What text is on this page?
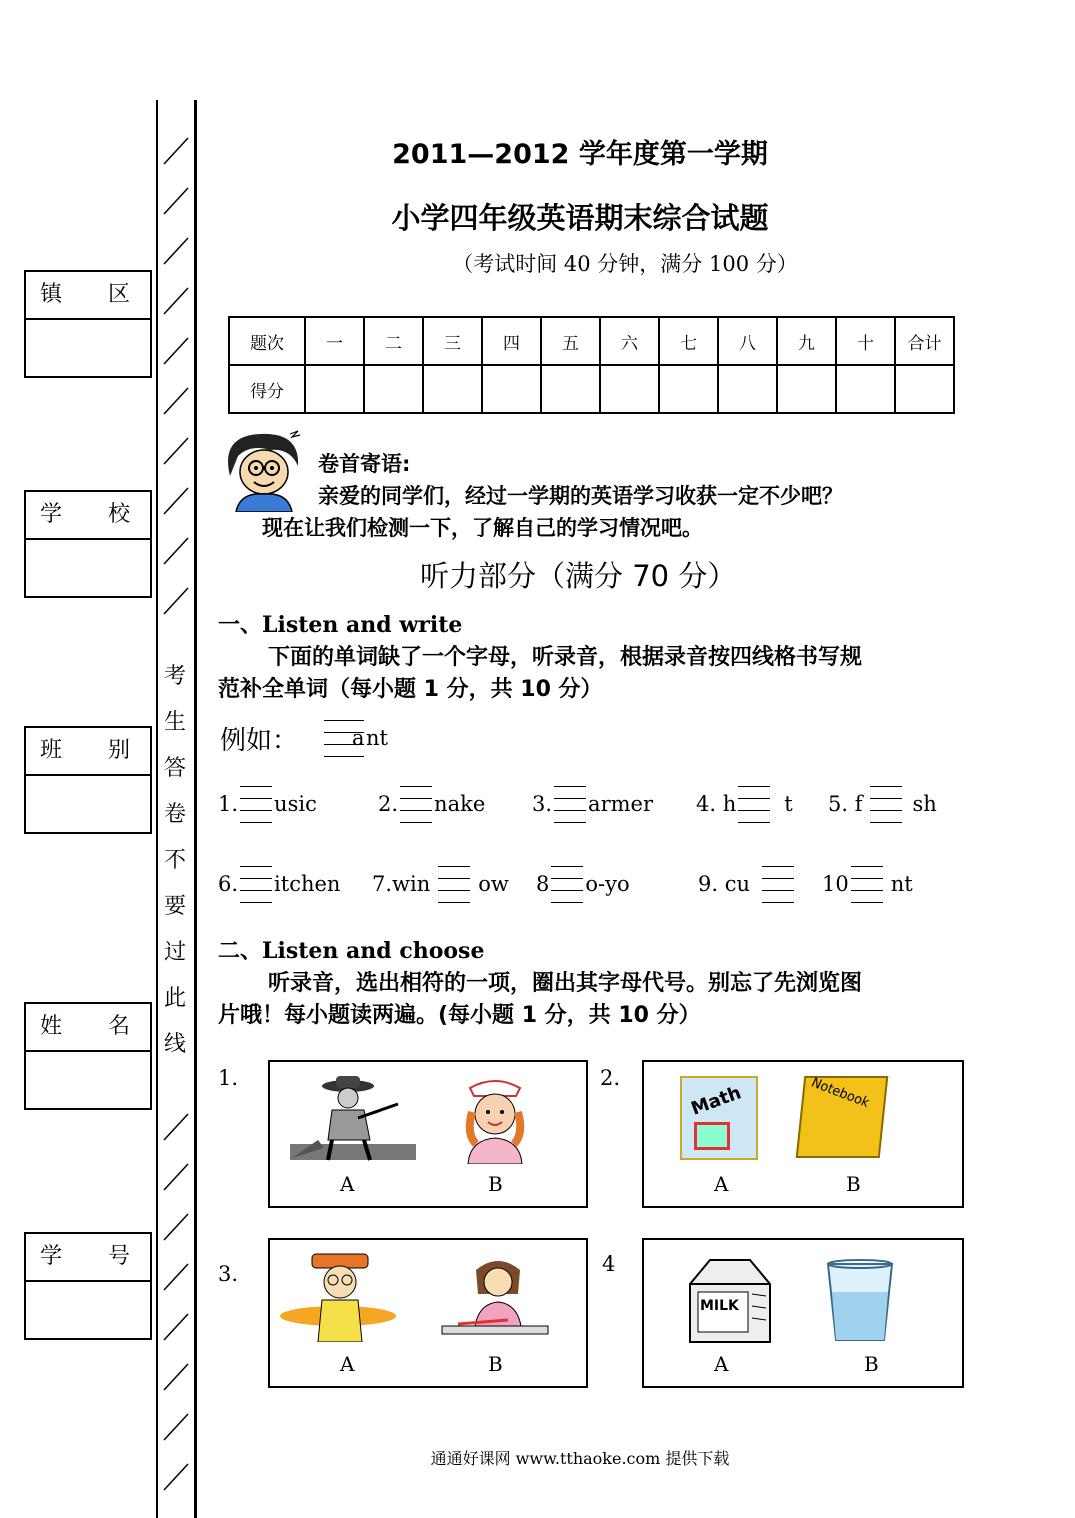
考
生
答
卷
不
要
过
此
线
镇 区
学 校
班 别
姓 名
学 号
2011—2012 学年度第一学期
小学四年级英语期末综合试题
（考试时间 40 分钟，满分 100 分）
题次	一	二	三	四	五	六	七	八	九	十	合计
得分											
卷首寄语:
亲爱的同学们，经过一学期的英语学习收获一定不少吧？
现在让我们检测一下，了解自己的学习情况吧。
听力部分（满分 70 分）
一、Listen and write
下面的单词缺了一个字母，听录音，根据录音按四线格书写规
范补全单词（每小题 1 分，共 10 分）
例如：	a nt
1. usic	2. nake 3. armer 4. h t 5. f sh
6. itchen 7.win ow 8 o-yo	9. cu	10 nt
二、Listen and choose
听录音，选出相符的一项，圈出其字母代号。别忘了先浏览图
片哦！每小题读两遍。(每小题 1 分，共 10 分）
1.
A	B
2.
Math	Notebook
A	B
3.
A	B
4
MILK
A	B
通通好课网 www.tthaoke.com 提供下载
